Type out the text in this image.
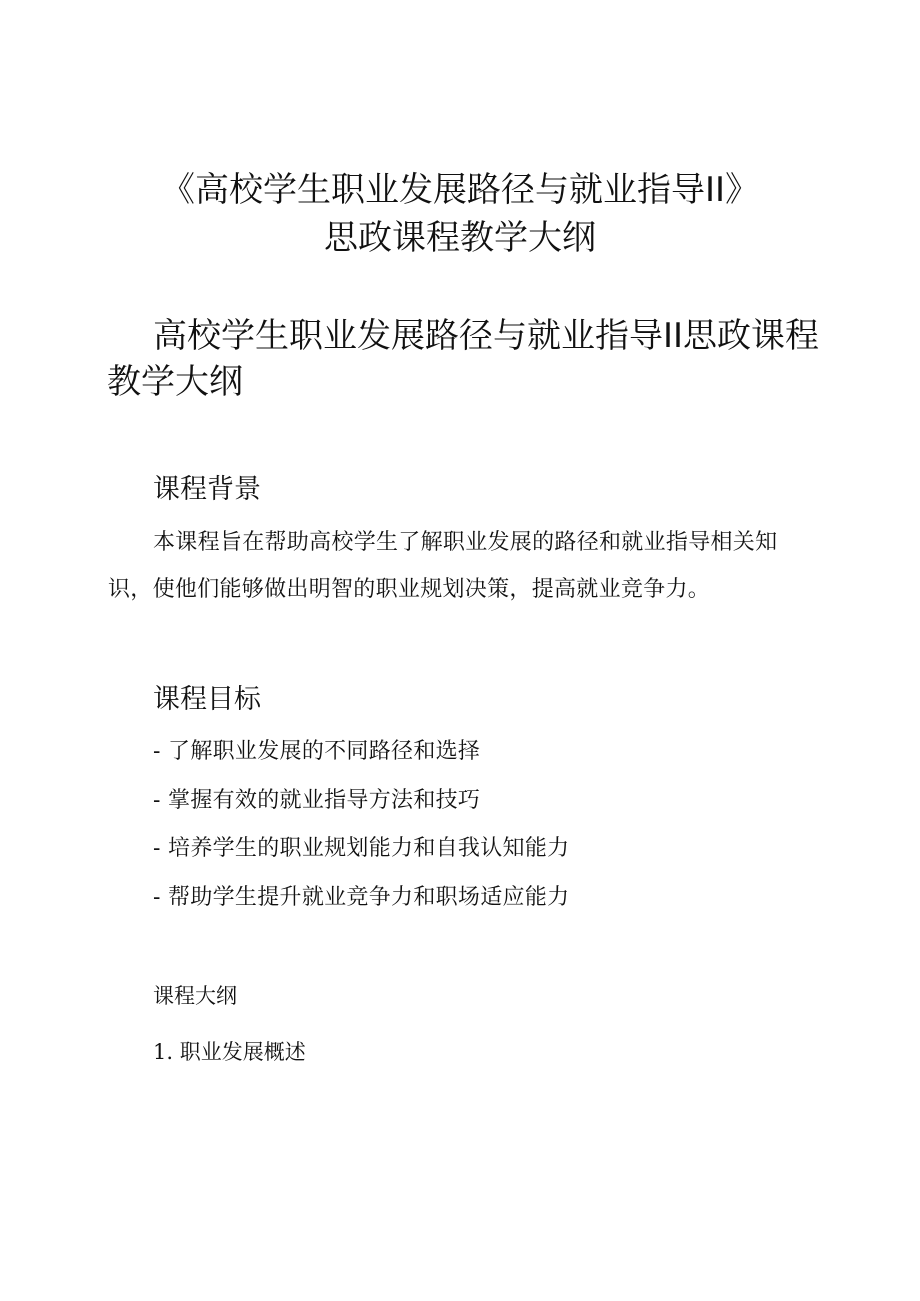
《高校学生职业发展路径与就业指导II》
思政课程教学大纲
高校学生职业发展路径与就业指导II思政课程教学大纲
课程背景
本课程旨在帮助高校学生了解职业发展的路径和就业指导相关知识，使他们能够做出明智的职业规划决策，提高就业竞争力。
课程目标
- 了解职业发展的不同路径和选择
- 掌握有效的就业指导方法和技巧
- 培养学生的职业规划能力和自我认知能力
- 帮助学生提升就业竞争力和职场适应能力
课程大纲
1. 职业发展概述
